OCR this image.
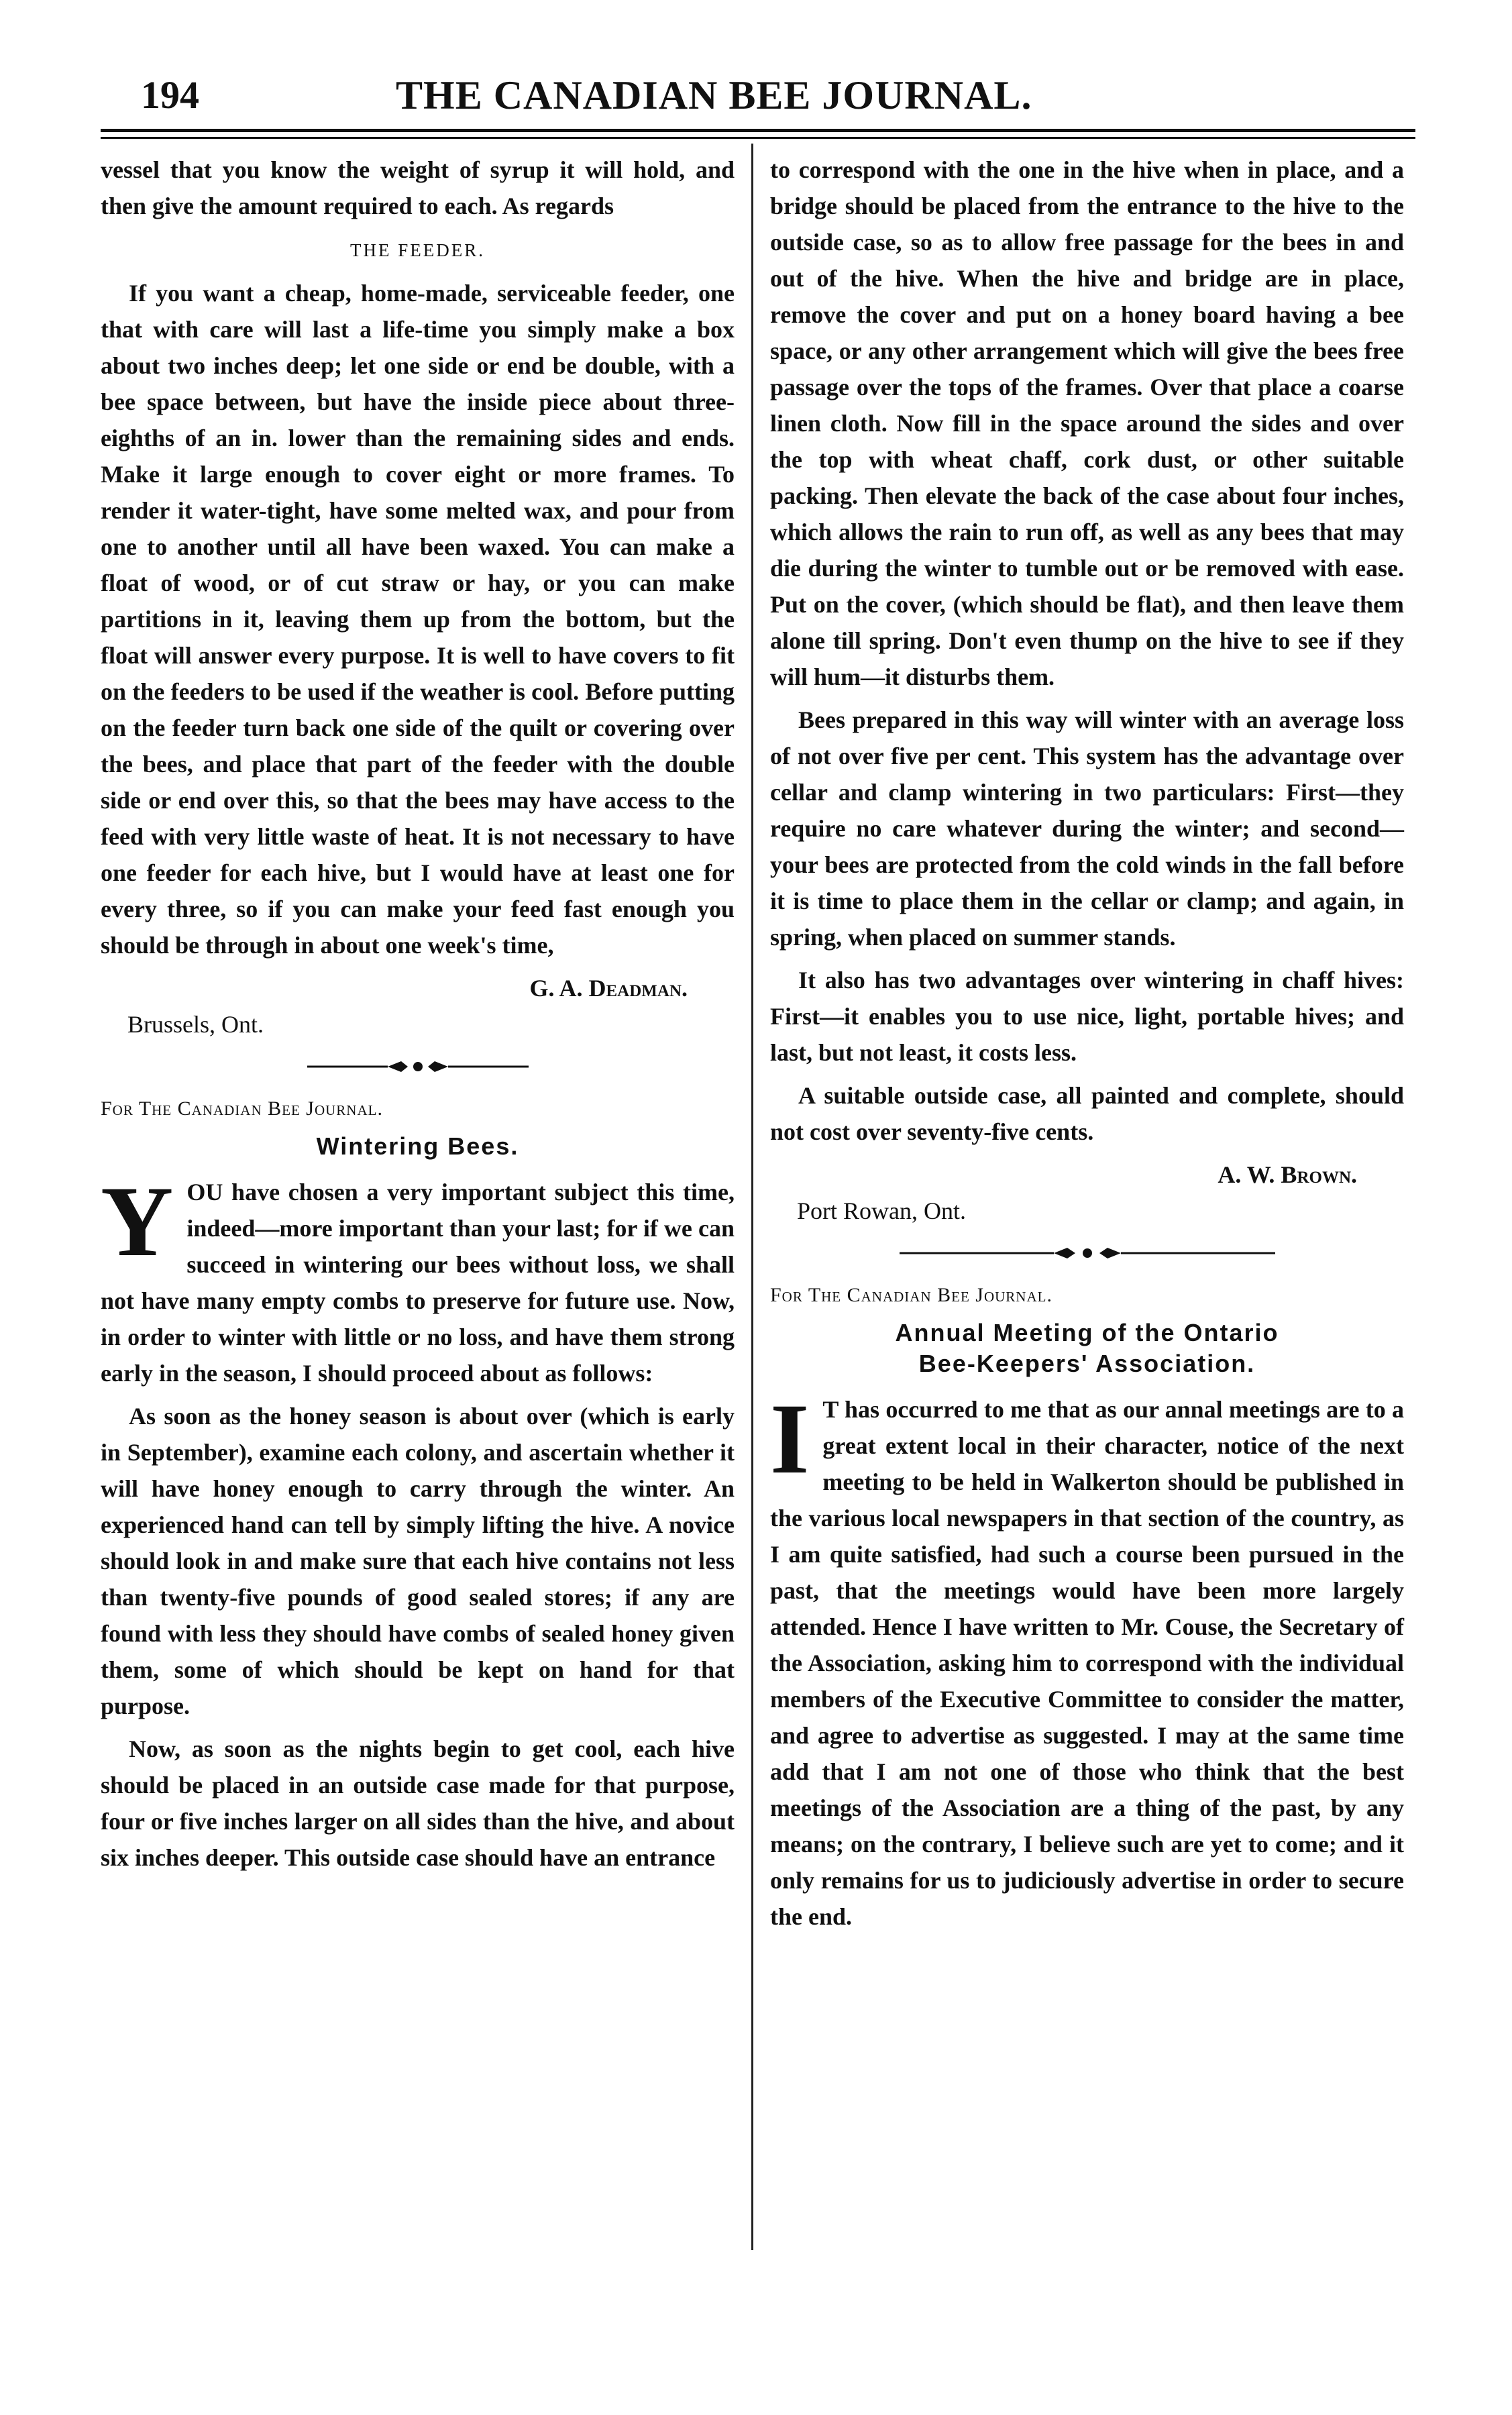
194	THE CANADIAN BEE JOURNAL.

vessel that you know the weight of syrup it will hold, and then give the amount required to each. As regards

THE FEEDER.

If you want a cheap, home-made, serviceable feeder, one that with care will last a life-time you simply make a box about two inches deep; let one side or end be double, with a bee space between, but have the inside piece about three-eighths of an in. lower than the remaining sides and ends. Make it large enough to cover eight or more frames. To render it water-tight, have some melted wax, and pour from one to another until all have been waxed. You can make a float of wood, or of cut straw or hay, or you can make partitions in it, leaving them up from the bottom, but the float will answer every purpose. It is well to have covers to fit on the feeders to be used if the weather is cool. Before putting on the feeder turn back one side of the quilt or covering over the bees, and place that part of the feeder with the double side or end over this, so that the bees may have access to the feed with very little waste of heat. It is not necessary to have one feeder for each hive, but I would have at least one for every three, so if you can make your feed fast enough you should be through in about one week's time,

G. A. Deadman.
Brussels, Ont.
For The Canadian Bee Journal.
Wintering Bees.

Y OU have chosen a very important subject this time, indeed—more important than your last; for if we can succeed in wintering our bees without loss, we shall not have many empty combs to preserve for future use. Now, in order to winter with little or no loss, and have them strong early in the season, I should proceed about as follows:

As soon as the honey season is about over (which is early in September), examine each colony, and ascertain whether it will have honey enough to carry through the winter. An experienced hand can tell by simply lifting the hive. A novice should look in and make sure that each hive contains not less than twenty-five pounds of good sealed stores; if any are found with less they should have combs of sealed honey given them, some of which should be kept on hand for that purpose.

Now, as soon as the nights begin to get cool, each hive should be placed in an outside case made for that purpose, four or five inches larger on all sides than the hive, and about six inches deeper. This outside case should have an entrance

to correspond with the one in the hive when in place, and a bridge should be placed from the entrance to the hive to the outside case, so as to allow free passage for the bees in and out of the hive. When the hive and bridge are in place, remove the cover and put on a honey board having a bee space, or any other arrangement which will give the bees free passage over the tops of the frames. Over that place a coarse linen cloth. Now fill in the space around the sides and over the top with wheat chaff, cork dust, or other suitable packing. Then elevate the back of the case about four inches, which allows the rain to run off, as well as any bees that may die during the winter to tumble out or be removed with ease. Put on the cover, (which should be flat), and then leave them alone till spring. Don't even thump on the hive to see if they will hum—it disturbs them.

Bees prepared in this way will winter with an average loss of not over five per cent. This system has the advantage over cellar and clamp wintering in two particulars: First—they require no care whatever during the winter; and second—your bees are protected from the cold winds in the fall before it is time to place them in the cellar or clamp; and again, in spring, when placed on summer stands.

It also has two advantages over wintering in chaff hives: First—it enables you to use nice, light, portable hives; and last, but not least, it costs less.

A suitable outside case, all painted and complete, should not cost over seventy-five cents.

A. W. Brown.
Port Rowan, Ont.
For The Canadian Bee Journal.
Annual Meeting of the Ontario
Bee-Keepers' Association.

I T has occurred to me that as our annal meetings are to a great extent local in their character, notice of the next meeting to be held in Walkerton should be published in the various local newspapers in that section of the country, as I am quite satisfied, had such a course been pursued in the past, that the meetings would have been more largely attended. Hence I have written to Mr. Couse, the Secretary of the Association, asking him to correspond with the individual members of the Executive Committee to consider the matter, and agree to advertise as suggested. I may at the same time add that I am not one of those who think that the best meetings of the Association are a thing of the past, by any means; on the contrary, I believe such are yet to come; and it only remains for us to judiciously advertise in order to secure the end.
